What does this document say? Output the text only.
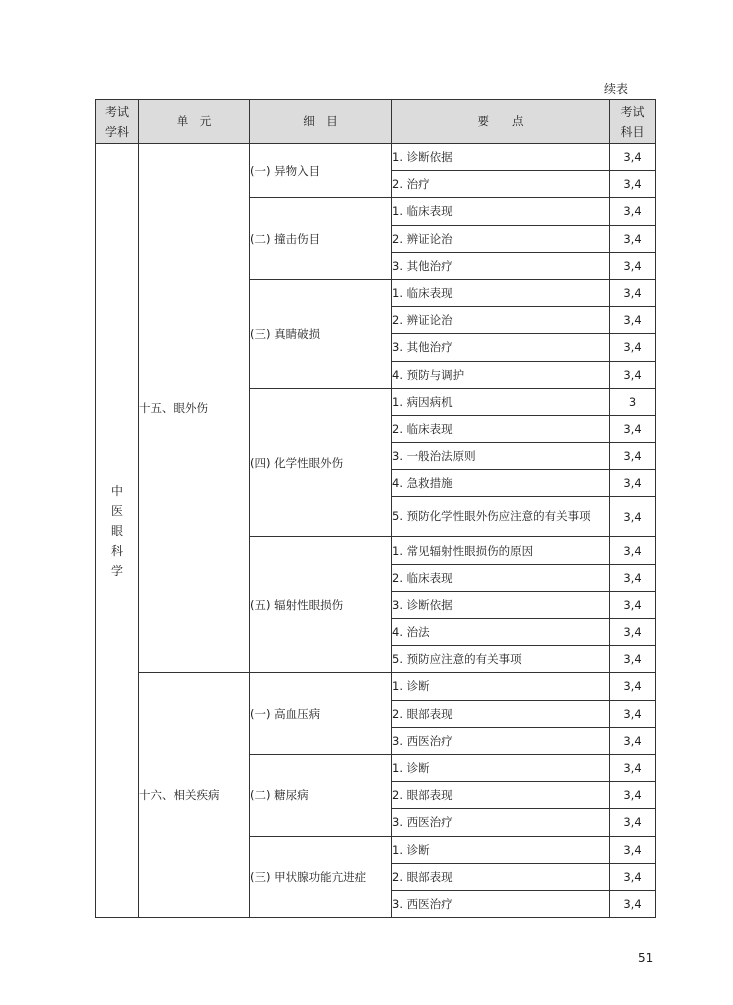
续表
考试学科	单　元	细　目	要　　点	考试科目
中医眼科学	十五、眼外伤	(一) 异物入目	1. 诊断依据	3,4
			2. 治疗	3,4
		(二) 撞击伤目	1. 临床表现	3,4
			2. 辨证论治	3,4
			3. 其他治疗	3,4
		(三) 真睛破损	1. 临床表现	3,4
			2. 辨证论治	3,4
			3. 其他治疗	3,4
			4. 预防与调护	3,4
		(四) 化学性眼外伤	1. 病因病机	3
			2. 临床表现	3,4
			3. 一般治法原则	3,4
			4. 急救措施	3,4
			5. 预防化学性眼外伤应注意的有关事项	3,4
		(五) 辐射性眼损伤	1. 常见辐射性眼损伤的原因	3,4
			2. 临床表现	3,4
			3. 诊断依据	3,4
			4. 治法	3,4
			5. 预防应注意的有关事项	3,4
	十六、相关疾病	(一) 高血压病	1. 诊断	3,4
			2. 眼部表现	3,4
			3. 西医治疗	3,4
		(二) 糖尿病	1. 诊断	3,4
			2. 眼部表现	3,4
			3. 西医治疗	3,4
		(三) 甲状腺功能亢进症	1. 诊断	3,4
			2. 眼部表现	3,4
			3. 西医治疗	3,4
51
